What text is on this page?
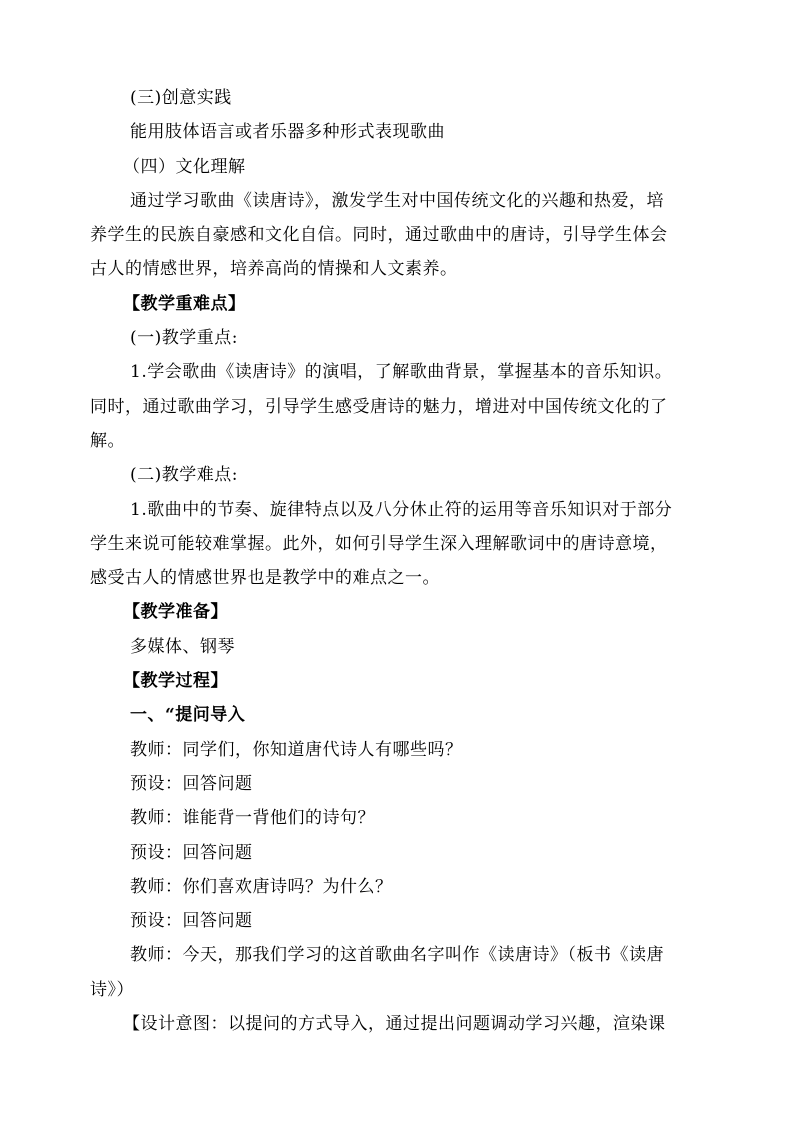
(三)创意实践
能用肢体语言或者乐器多种形式表现歌曲
（四）文化理解
通过学习歌曲《读唐诗》，激发学生对中国传统文化的兴趣和热爱，培
养学生的民族自豪感和文化自信。同时，通过歌曲中的唐诗，引导学生体会
古人的情感世界，培养高尚的情操和人文素养。
【教学重难点】
(一)教学重点:
1.学会歌曲《读唐诗》的演唱，了解歌曲背景，掌握基本的音乐知识。
同时，通过歌曲学习，引导学生感受唐诗的魅力，增进对中国传统文化的了
解。
(二)教学难点:
1.歌曲中的节奏、旋律特点以及八分休止符的运用等音乐知识对于部分
学生来说可能较难掌握。此外，如何引导学生深入理解歌词中的唐诗意境，
感受古人的情感世界也是教学中的难点之一。
【教学准备】
多媒体、钢琴
【教学过程】
一、“提问导入
教师：同学们，你知道唐代诗人有哪些吗？
预设：回答问题
教师：谁能背一背他们的诗句？
预设：回答问题
教师：你们喜欢唐诗吗？为什么？
预设：回答问题
教师：今天，那我们学习的这首歌曲名字叫作《读唐诗》（板书《读唐
诗》）
【设计意图：以提问的方式导入，通过提出问题调动学习兴趣，渲染课
